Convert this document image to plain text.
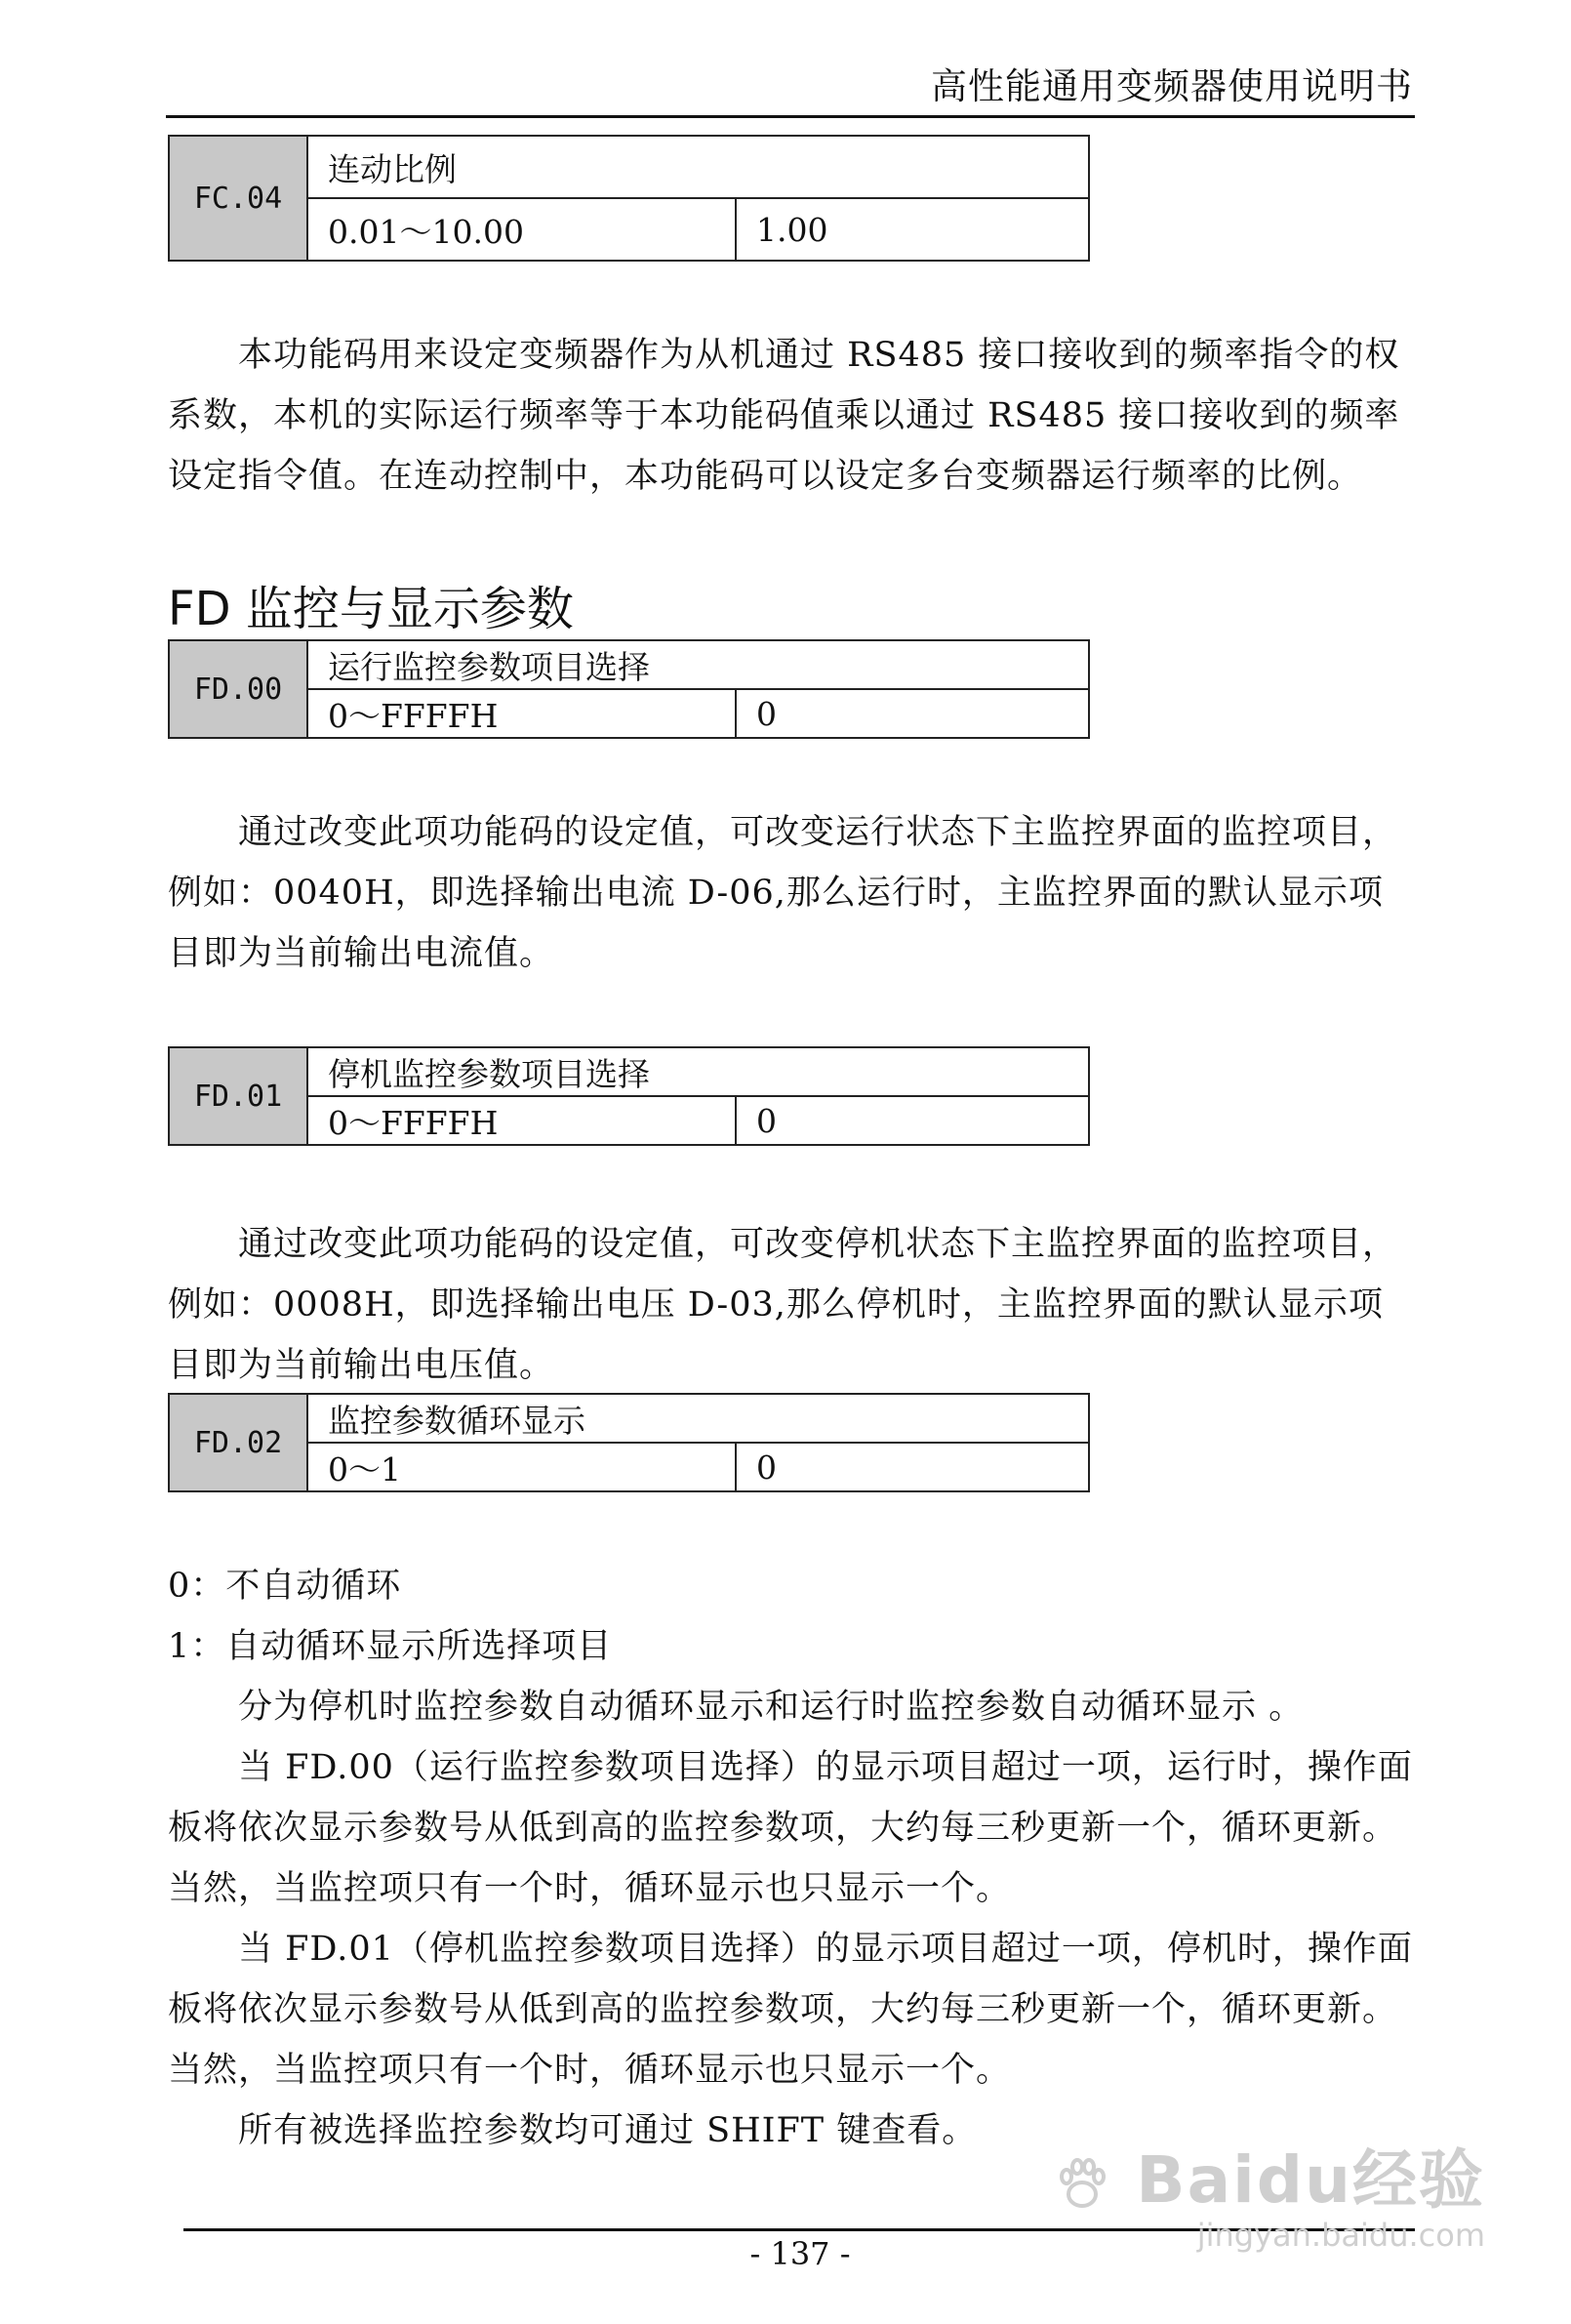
高性能通用变频器使用说明书
FC.04	连动比例	
	0.01～10.00	1.00
本功能码用来设定变频器作为从机通过 RS485 接口接收到的频率指令的权系数，本机的实际运行频率等于本功能码值乘以通过 RS485 接口接收到的频率设定指令值。在连动控制中，本功能码可以设定多台变频器运行频率的比例。
FD 监控与显示参数
FD.00	运行监控参数项目选择	
	0～FFFFH	0
通过改变此项功能码的设定值，可改变运行状态下主监控界面的监控项目，例如：0040H，即选择输出电流 D-06,那么运行时，主监控界面的默认显示项目即为当前输出电流值。
FD.01	停机监控参数项目选择	
	0～FFFFH	0
通过改变此项功能码的设定值，可改变停机状态下主监控界面的监控项目，例如：0008H，即选择输出电压 D-03,那么停机时，主监控界面的默认显示项目即为当前输出电压值。
FD.02	监控参数循环显示	
	0～1	0

0：不自动循环

1：自动循环显示所选择项目

分为停机时监控参数自动循环显示和运行时监控参数自动循环显示 。

当 FD.00（运行监控参数项目选择）的显示项目超过一项，运行时，操作面板将依次显示参数号从低到高的监控参数项，大约每三秒更新一个，循环更新。当然，当监控项只有一个时，循环显示也只显示一个。

当 FD.01（停机监控参数项目选择）的显示项目超过一项，停机时，操作面板将依次显示参数号从低到高的监控参数项，大约每三秒更新一个，循环更新。当然，当监控项只有一个时，循环显示也只显示一个。

所有被选择监控参数均可通过 SHIFT 键查看。

- 137 -
Baidu经验
jingyan.baidu.com
